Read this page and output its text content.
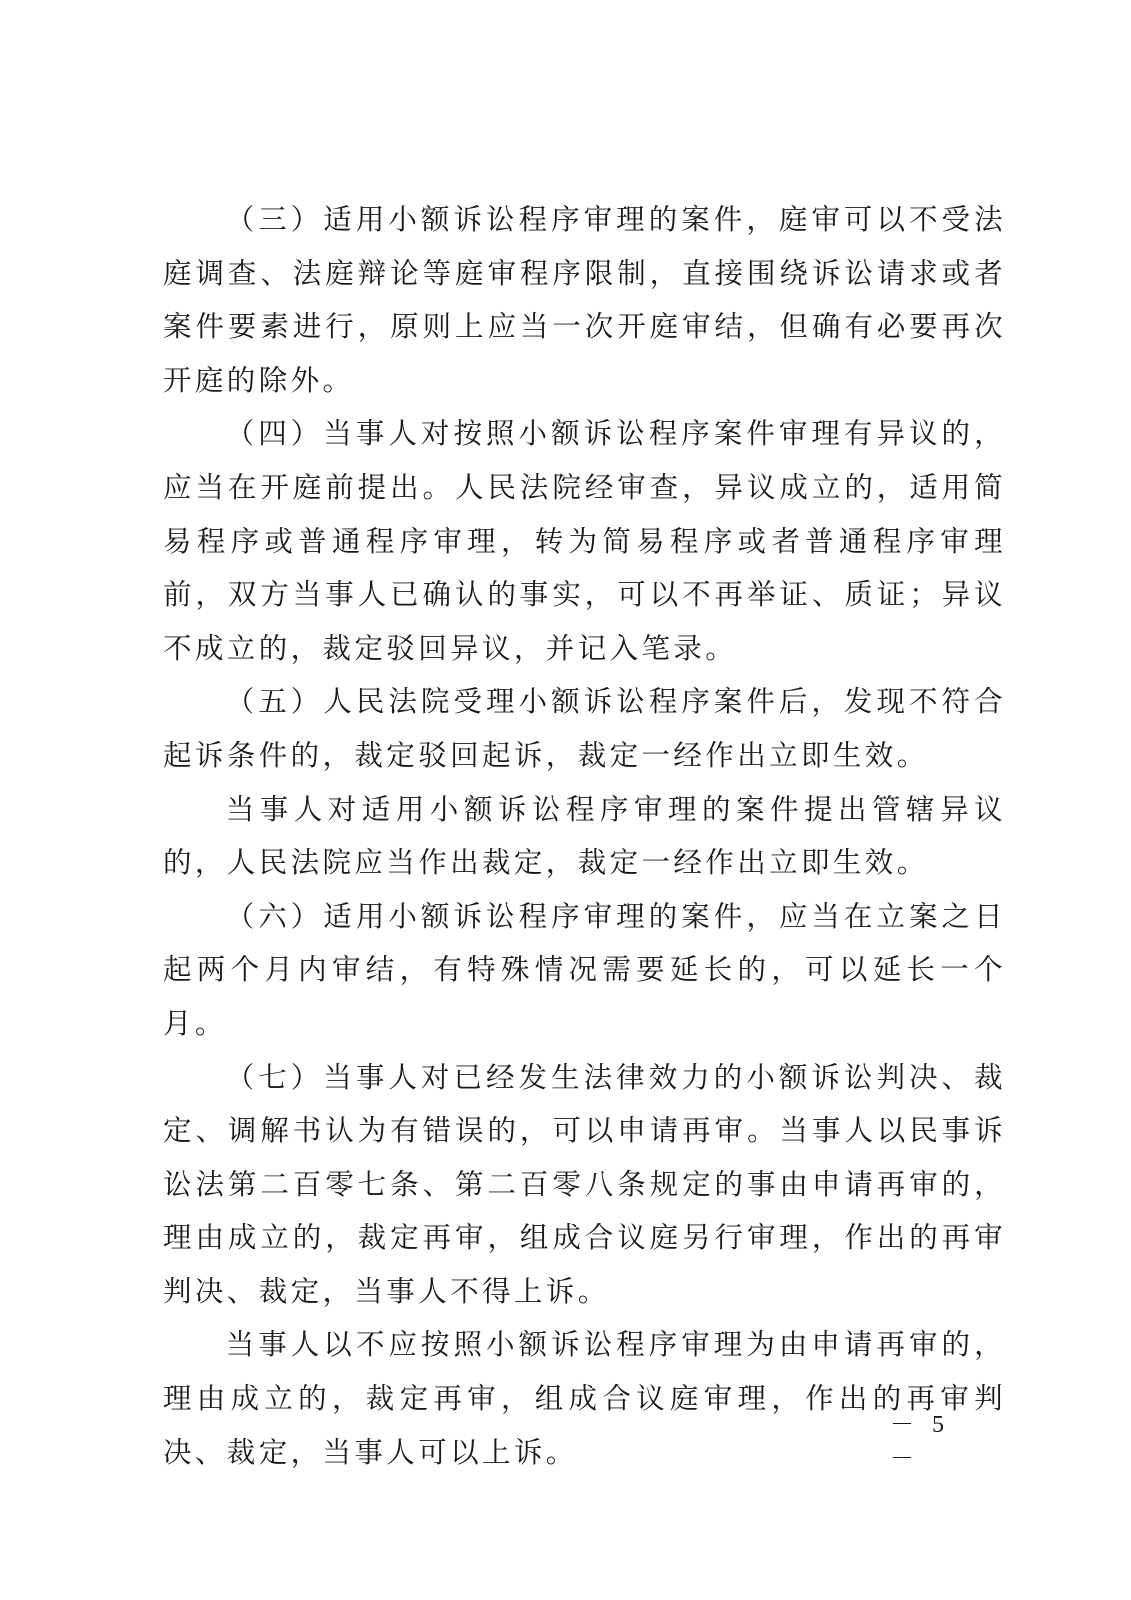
（三）适用小额诉讼程序审理的案件，庭审可以不受法庭调查、法庭辩论等庭审程序限制，直接围绕诉讼请求或者案件要素进行，原则上应当一次开庭审结，但确有必要再次开庭的除外。

（四）当事人对按照小额诉讼程序案件审理有异议的，应当在开庭前提出。人民法院经审查，异议成立的，适用简易程序或普通程序审理，转为简易程序或者普通程序审理前，双方当事人已确认的事实，可以不再举证、质证；异议不成立的，裁定驳回异议，并记入笔录。

（五）人民法院受理小额诉讼程序案件后，发现不符合起诉条件的，裁定驳回起诉，裁定一经作出立即生效。

当事人对适用小额诉讼程序审理的案件提出管辖异议的，人民法院应当作出裁定，裁定一经作出立即生效。

（六）适用小额诉讼程序审理的案件，应当在立案之日起两个月内审结，有特殊情况需要延长的，可以延长一个月。

（七）当事人对已经发生法律效力的小额诉讼判决、裁定、调解书认为有错误的，可以申请再审。当事人以民事诉讼法第二百零七条、第二百零八条规定的事由申请再审的，理由成立的，裁定再审，组成合议庭另行审理，作出的再审判决、裁定，当事人不得上诉。

当事人以不应按照小额诉讼程序审理为由申请再审的，理由成立的，裁定再审，组成合议庭审理，作出的再审判决、裁定，当事人可以上诉。

－ 5 －
